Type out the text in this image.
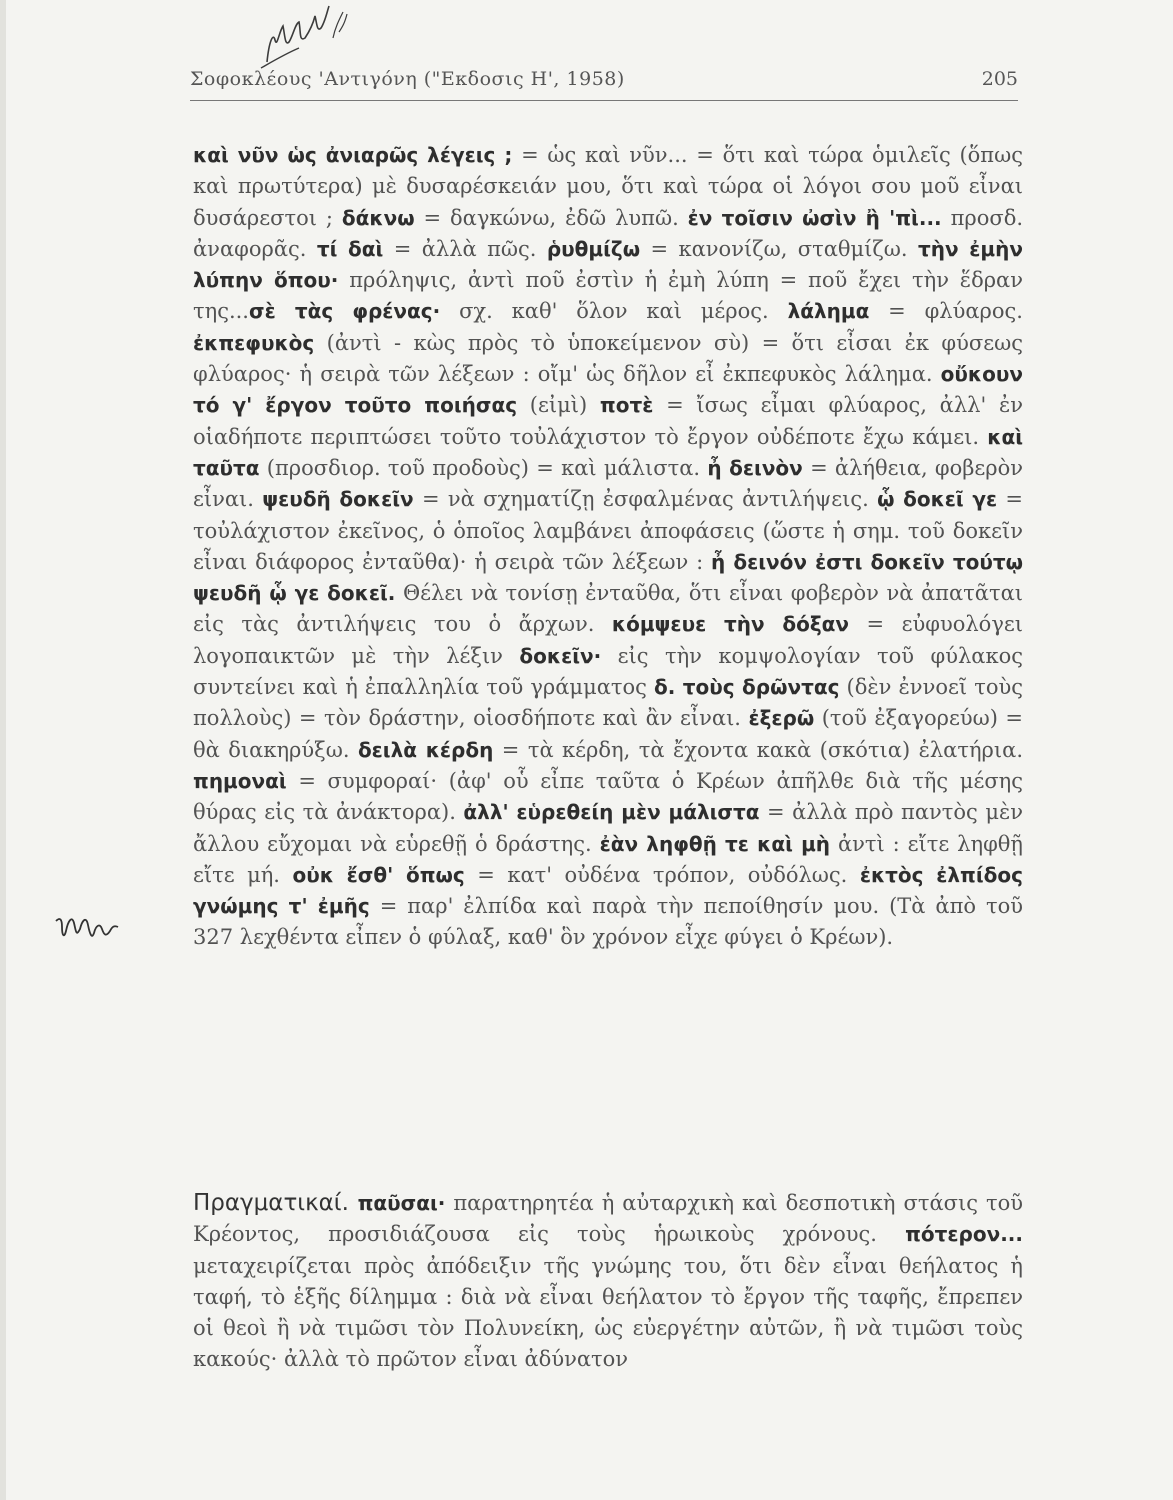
Σοφοκλέους 'Αντιγόνη ("Εκδοσις Η', 1958)	205

καὶ νῦν ὡς ἀνιαρῶς λέγεις ; = ὡς καὶ νῦν... = ὅτι καὶ τώρα ὁμιλεῖς (ὅπως καὶ πρωτύτερα) μὲ δυσαρέσκειάν μου, ὅτι καὶ τώρα οἱ λόγοι σου μοῦ εἶναι δυσάρεστοι ; δάκνω = δαγκώνω, ἐδῶ λυπῶ. ἐν τοῖσιν ὠσὶν ἢ 'πὶ... προσδ. ἀναφορᾶς. τί δαὶ = ἀλλὰ πῶς. ῥυθμίζω = κανονίζω, σταθμίζω. τὴν ἐμὴν λύπην ὅπου· πρόληψις, ἀντὶ ποῦ ἐστὶν ἡ ἐμὴ λύπη = ποῦ ἔχει τὴν ἕδραν της...σὲ τὰς φρένας· σχ. καθ' ὅλον καὶ μέρος. λάλημα = φλύαρος. ἐκπεφυκὸς (ἀντὶ - κὼς πρὸς τὸ ὑποκείμενον σὺ) = ὅτι εἶσαι ἐκ φύσεως φλύαρος· ἡ σειρὰ τῶν λέξεων : οἴμ' ὡς δῆλον εἶ ἐκπεφυκὸς λάλημα. οὔκουν τό γ' ἔργον τοῦτο ποιήσας (εἰμὶ) ποτὲ = ἴσως εἶμαι φλύαρος, ἀλλ' ἐν οἱαδήποτε περιπτώσει τοῦτο τοὐλάχιστον τὸ ἔργον οὐδέποτε ἔχω κάμει. καὶ ταῦτα (προσδιορ. τοῦ προδοὺς) = καὶ μάλιστα. ἦ δεινὸν = ἀλήθεια, φοβερὸν εἶναι. ψευδῆ δοκεῖν = νὰ σχηματίζῃ ἐσφαλμένας ἀντιλήψεις. ᾧ δοκεῖ γε = τοὐλάχιστον ἐκεῖνος, ὁ ὁποῖος λαμβάνει ἀποφάσεις (ὥστε ἡ σημ. τοῦ δοκεῖν εἶναι διάφορος ἐνταῦθα)· ἡ σειρὰ τῶν λέξεων : ἦ δεινόν ἐστι δοκεῖν τούτῳ ψευδῆ ᾧ γε δοκεῖ. Θέλει νὰ τονίσῃ ἐνταῦθα, ὅτι εἶναι φοβερὸν νὰ ἀπατᾶται εἰς τὰς ἀντιλήψεις του ὁ ἄρχων. κόμψευε τὴν δόξαν = εὐφυολόγει λογοπαικτῶν μὲ τὴν λέξιν δοκεῖν· εἰς τὴν κομψολογίαν τοῦ φύλακος συντείνει καὶ ἡ ἐπαλληλία τοῦ γράμματος δ. τοὺς δρῶντας (δὲν ἐννοεῖ τοὺς πολλοὺς) = τὸν δράστην, οἱοσδήποτε καὶ ἂν εἶναι. ἐξερῶ (τοῦ ἐξαγορεύω) = θὰ διακηρύξω. δειλὰ κέρδη = τὰ κέρδη, τὰ ἔχοντα κακὰ (σκότια) ἐλατήρια. πημοναὶ = συμφοραί· (ἀφ' οὗ εἶπε ταῦτα ὁ Κρέων ἀπῆλθε διὰ τῆς μέσης θύρας εἰς τὰ ἀνάκτορα). ἀλλ' εὑρεθείη μὲν μάλιστα = ἀλλὰ πρὸ παντὸς μὲν ἄλλου εὔχομαι νὰ εὑρεθῇ ὁ δράστης. ἐὰν ληφθῇ τε καὶ μὴ ἀντὶ : εἴτε ληφθῇ εἴτε μή. οὐκ ἔσθ' ὅπως = κατ' οὐδένα τρόπον, οὐδόλως. ἐκτὸς ἐλπίδος γνώμης τ' ἐμῆς = παρ' ἐλπίδα καὶ παρὰ τὴν πεποίθησίν μου. (Τὰ ἀπὸ τοῦ 327 λεχθέντα εἶπεν ὁ φύλαξ, καθ' ὃν χρόνον εἶχε φύγει ὁ Κρέων).

Πραγματικαί. παῦσαι· παρατηρητέα ἡ αὐταρχικὴ καὶ δεσποτικὴ στάσις τοῦ Κρέοντος, προσιδιάζουσα εἰς τοὺς ἡρωικοὺς χρόνους. πότερον... μεταχειρίζεται πρὸς ἀπόδειξιν τῆς γνώμης του, ὅτι δὲν εἶναι θεήλατος ἡ ταφή, τὸ ἑξῆς δίλημμα : διὰ νὰ εἶναι θεήλατον τὸ ἔργον τῆς ταφῆς, ἔπρεπεν οἱ θεοὶ ἢ νὰ τιμῶσι τὸν Πολυνείκη, ὡς εὐεργέτην αὐτῶν, ἢ νὰ τιμῶσι τοὺς κακούς· ἀλλὰ τὸ πρῶτον εἶναι ἀδύνατον
